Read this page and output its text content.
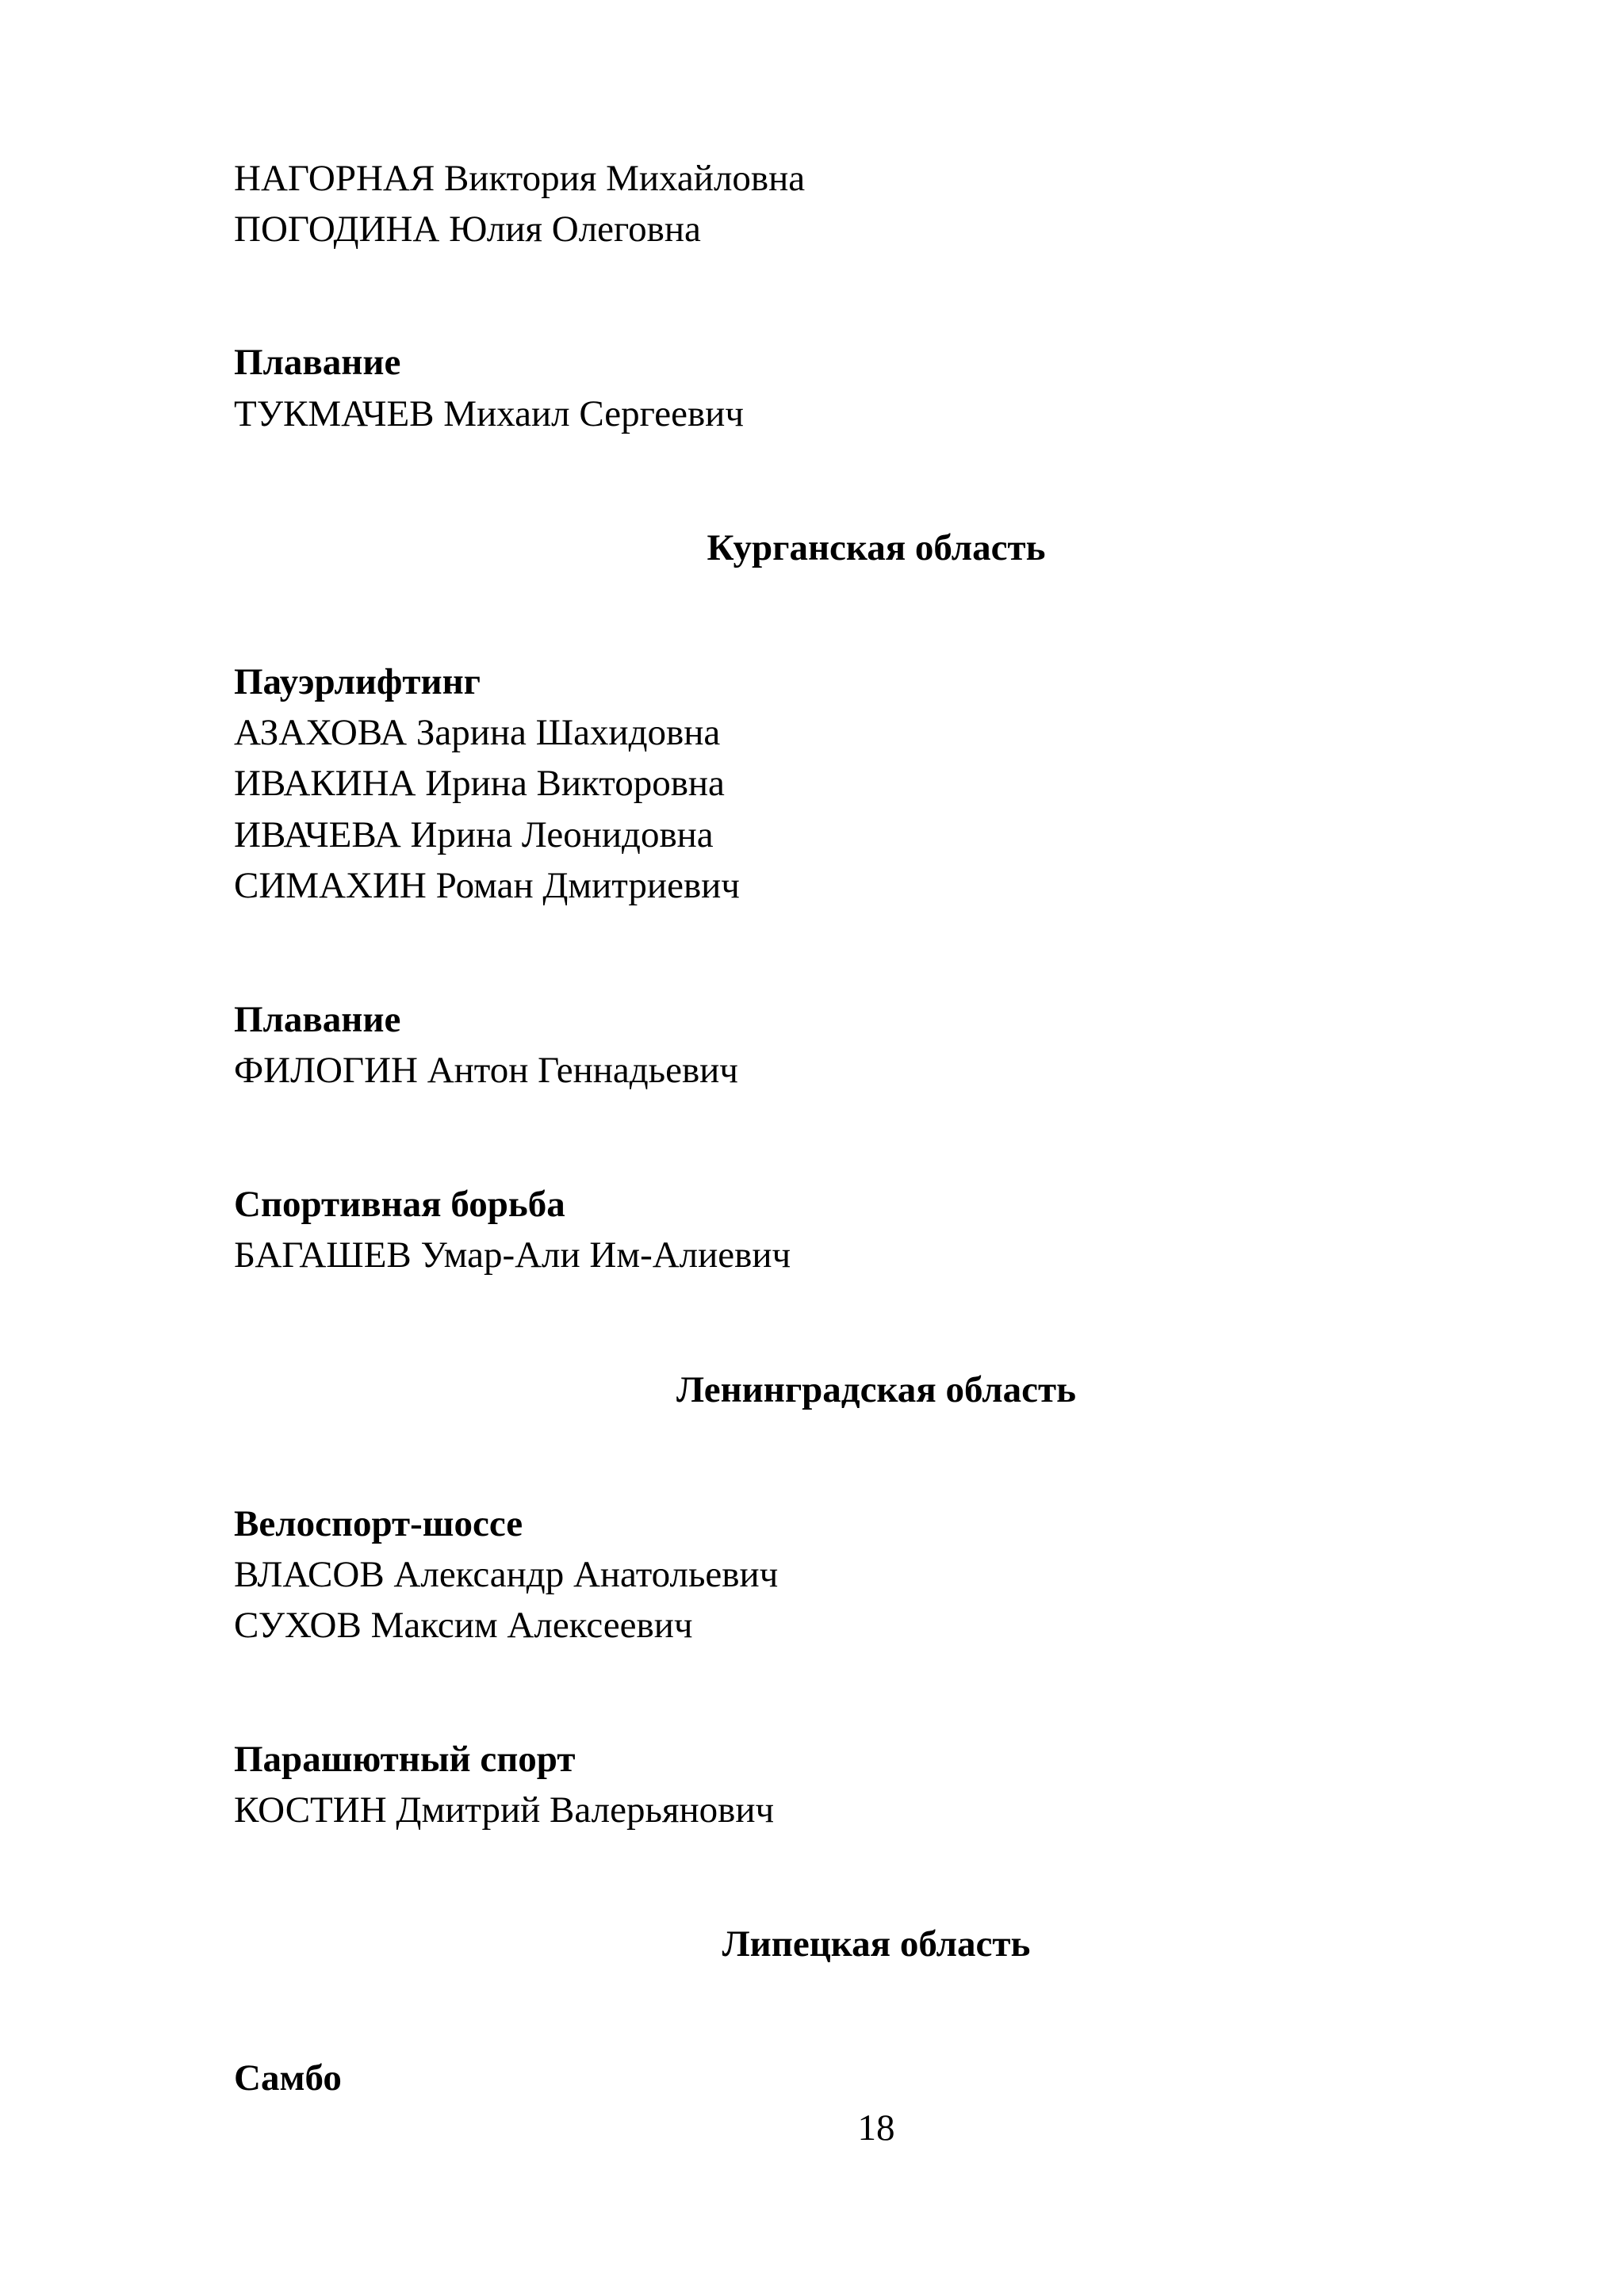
НАГОРНАЯ Виктория Михайловна
ПОГОДИНА Юлия Олеговна
Плавание
ТУКМАЧЕВ Михаил Сергеевич
Курганская область
Пауэрлифтинг
АЗАХОВА Зарина Шахидовна
ИВАКИНА Ирина Викторовна
ИВАЧЕВА Ирина Леонидовна
СИМАХИН Роман Дмитриевич
Плавание
ФИЛОГИН Антон Геннадьевич
Спортивная борьба
БАГАШЕВ Умар-Али Им-Алиевич
Ленинградская область
Велоспорт-шоссе
ВЛАСОВ Александр Анатольевич
СУХОВ Максим Алексеевич
Парашютный спорт
КОСТИН Дмитрий Валерьянович
Липецкая область
Самбо
18
